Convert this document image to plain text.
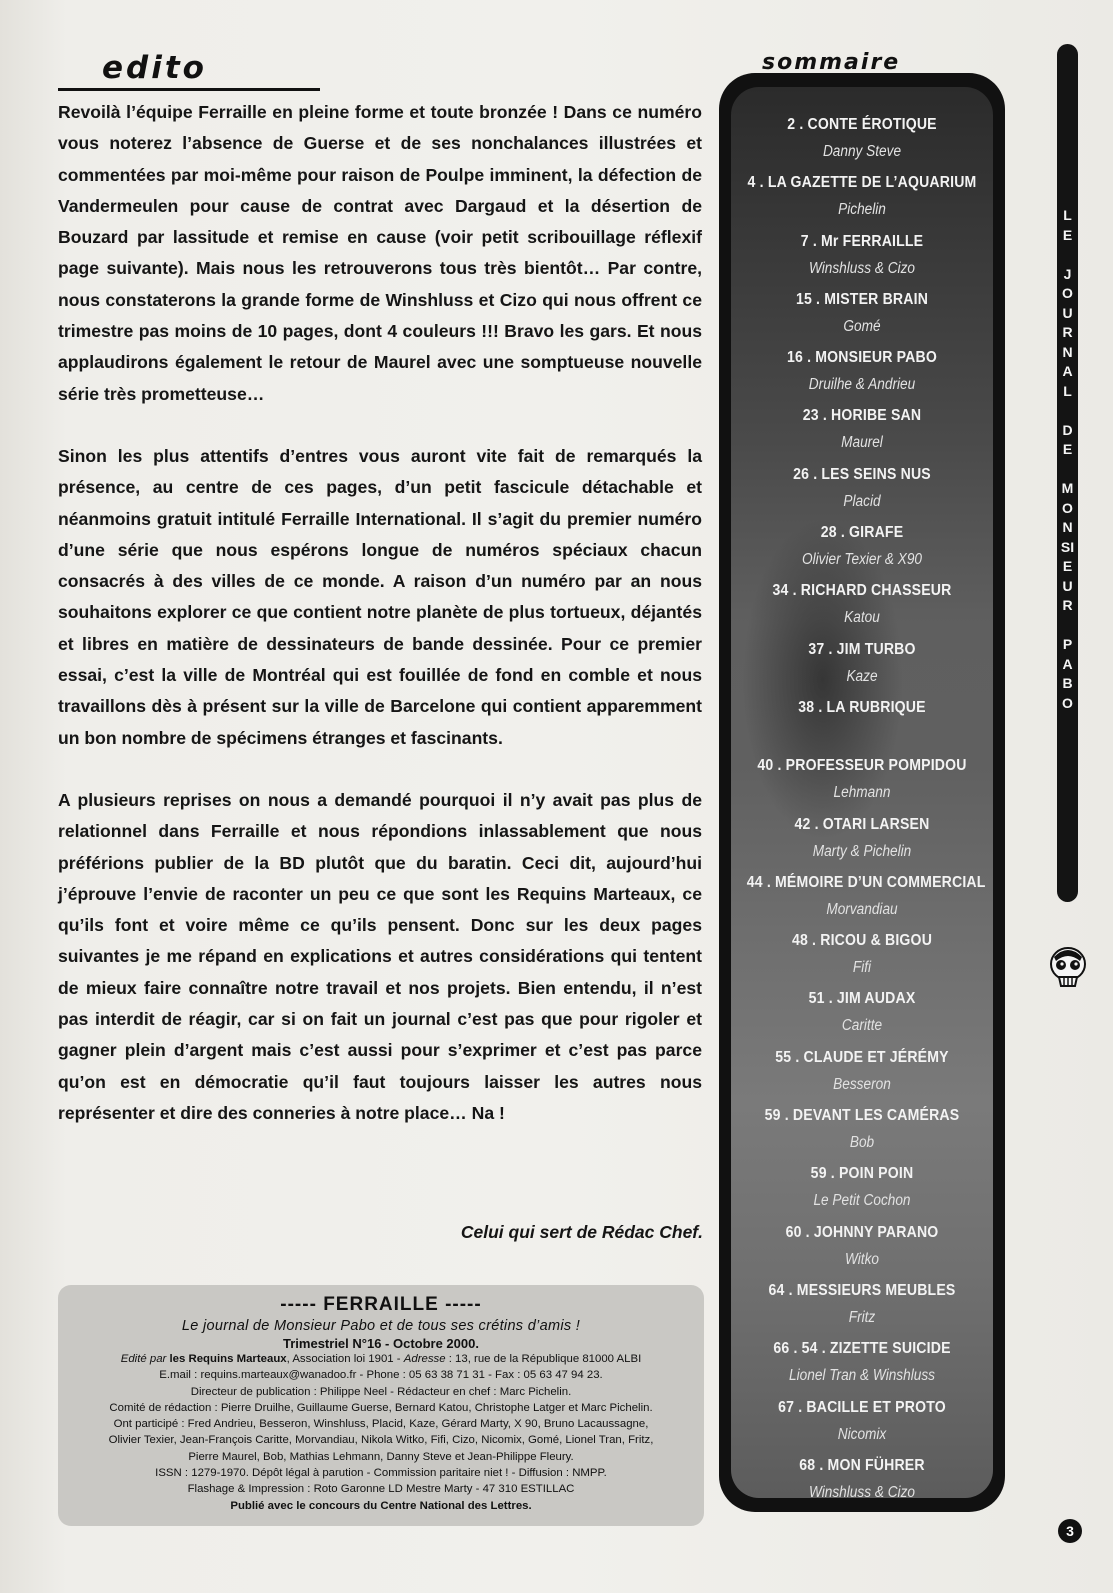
edito

Revoilà l’équipe Ferraille en pleine forme et toute bronzée ! Dans ce numéro vous noterez l’absence de Guerse et de ses nonchalances illustrées et commentées par moi-même pour raison de Poulpe imminent, la défection de Vandermeulen pour cause de contrat avec Dargaud et la désertion de Bouzard par lassitude et remise en cause (voir petit scribouillage réflexif page suivante). Mais nous les retrouverons tous très bientôt… Par contre, nous constaterons la grande forme de Winshluss et Cizo qui nous offrent ce trimestre pas moins de 10 pages, dont 4 couleurs !!! Bravo les gars. Et nous applaudirons également le retour de Maurel avec une somptueuse nouvelle série très prometteuse…

Sinon les plus attentifs d’entres vous auront vite fait de remarqués la présence, au centre de ces pages, d’un petit fascicule détachable et néanmoins gratuit intitulé Ferraille International. Il s’agit du premier numéro d’une série que nous espérons longue de numéros spéciaux chacun consacrés à des villes de ce monde. A raison d’un numéro par an nous souhaitons explorer ce que contient notre planète de plus tortueux, déjantés et libres en matière de dessinateurs de bande dessinée. Pour ce premier essai, c’est la ville de Montréal qui est fouillée de fond en comble et nous travaillons dès à présent sur la ville de Barcelone qui contient apparemment un bon nombre de spécimens étranges et fascinants.

A plusieurs reprises on nous a demandé pourquoi il n’y avait pas plus de relationnel dans Ferraille et nous répondions inlassablement que nous préférions publier de la BD plutôt que du baratin. Ceci dit, aujourd’hui j’éprouve l’envie de raconter un peu ce que sont les Requins Marteaux, ce qu’ils font et voire même ce qu’ils pensent. Donc sur les deux pages suivantes je me répand en explications et autres considérations qui tentent de mieux faire connaître notre travail et nos projets. Bien entendu, il n’est pas interdit de réagir, car si on fait un journal c’est pas que pour rigoler et gagner plein d’argent mais c’est aussi pour s’exprimer et c’est pas parce qu’on est en démocratie qu’il faut toujours laisser les autres nous représenter et dire des conneries à notre place… Na !

Celui qui sert de Rédac Chef.
----- FERRAILLE -----
Le journal de Monsieur Pabo et de tous ses crétins d’amis !
Trimestriel N°16 - Octobre 2000.
Edité par les Requins Marteaux, Association loi 1901 - Adresse : 13, rue de la République 81000 ALBI
E.mail : requins.marteaux@wanadoo.fr - Phone : 05 63 38 71 31 - Fax : 05 63 47 94 23.
Directeur de publication : Philippe Neel - Rédacteur en chef : Marc Pichelin.
Comité de rédaction : Pierre Druilhe, Guillaume Guerse, Bernard Katou, Christophe Latger et Marc Pichelin.
Ont participé : Fred Andrieu, Besseron, Winshluss, Placid, Kaze, Gérard Marty, X 90, Bruno Lacaussagne,
Olivier Texier, Jean-François Caritte, Morvandiau, Nikola Witko, Fifi, Cizo, Nicomix, Gomé, Lionel Tran, Fritz,
Pierre Maurel, Bob, Mathias Lehmann, Danny Steve et Jean-Philippe Fleury.
ISSN : 1279-1970. Dépôt légal à parution - Commission paritaire niet ! - Diffusion : NMPP.
Flashage & Impression : Roto Garonne LD Mestre Marty - 47 310 ESTILLAC
Publié avec le concours du Centre National des Lettres.
sommaire
2 . CONTE ÉROTIQUE
Danny Steve
4 . LA GAZETTE DE L’AQUARIUM
Pichelin
7 . Mr FERRAILLE
Winshluss & Cizo
15 . MISTER BRAIN
Gomé
16 . MONSIEUR PABO
Druilhe & Andrieu
23 . HORIBE SAN
Maurel
26 . LES SEINS NUS
Placid
28 . GIRAFE
Olivier Texier & X90
34 . RICHARD CHASSEUR
Katou
37 . JIM TURBO
Kaze
38 . LA RUBRIQUE
40 . PROFESSEUR POMPIDOU
Lehmann
42 . OTARI LARSEN
Marty & Pichelin
44 . MÉMOIRE D’UN COMMERCIAL
Morvandiau
48 . RICOU & BIGOU
Fifi
51 . JIM AUDAX
Caritte
55 . CLAUDE ET JÉRÉMY
Besseron
59 . DEVANT LES CAMÉRAS
Bob
59 . POIN POIN
Le Petit Cochon
60 . JOHNNY PARANO
Witko
64 . MESSIEURS MEUBLES
Fritz
66 . 54 . ZIZETTE SUICIDE
Lionel Tran & Winshluss
67 . BACILLE ET PROTO
Nicomix
68 . MON FÜHRER
Winshluss & Cizo
LE
JOURNAL
DE
MONSIEUR
PABO
3
